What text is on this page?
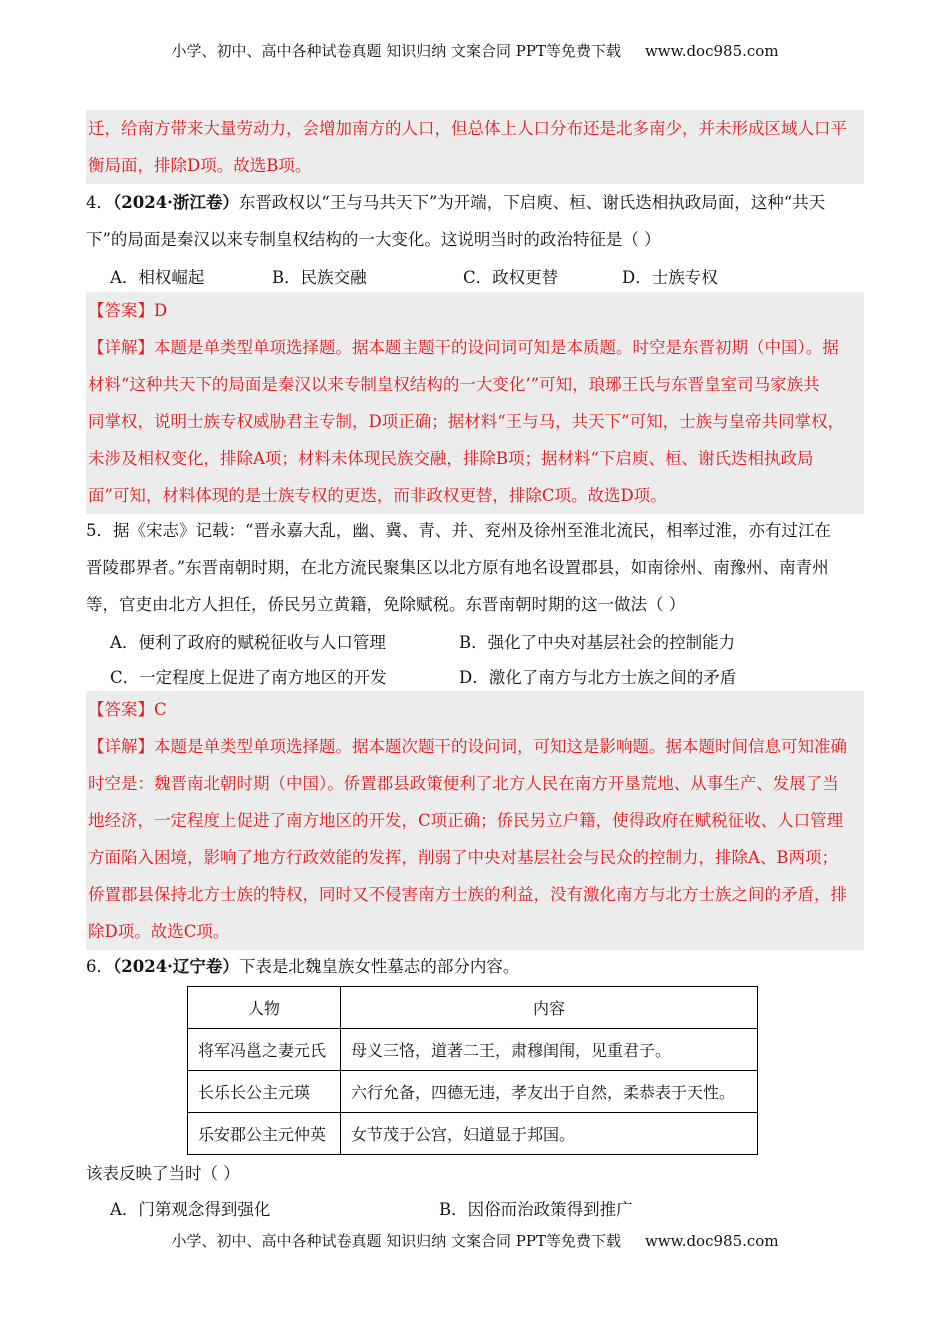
小学、初中、高中各种试卷真题 知识归纳 文案合同 PPT等免费下载 www.doc985.com

迁，给南方带来大量劳动力，会增加南方的人口，但总体上人口分布还是北多南少，并未形成区域人口平

衡局面，排除D项。故选B项。

4．（2024·浙江卷）东晋政权以“王与马共天下”为开端，下启庾、桓、谢氏迭相执政局面，这种“共天

下”的局面是秦汉以来专制皇权结构的一大变化。这说明当时的政治特征是（ ）

A．相权崛起	B．民族交融	C．政权更替	D．士族专权

【答案】D

【详解】本题是单类型单项选择题。据本题主题干的设问词可知是本质题。时空是东晋初期（中国）。据

材料“这种共天下的局面是秦汉以来专制皇权结构的一大变化’”可知，琅琊王氏与东晋皇室司马家族共

同掌权，说明士族专权威胁君主专制，D项正确；据材料“王与马，共天下”可知，士族与皇帝共同掌权，

未涉及相权变化，排除A项；材料未体现民族交融，排除B项；据材料“下启庾、桓、谢氏迭相执政局

面”可知，材料体现的是士族专权的更迭，而非政权更替，排除C项。故选D项。

5．据《宋志》记载：“晋永嘉大乱，幽、冀、青、并、兖州及徐州至淮北流民，相率过淮，亦有过江在

晋陵郡界者。”东晋南朝时期，在北方流民聚集区以北方原有地名设置郡县，如南徐州、南豫州、南青州

等，官吏由北方人担任，侨民另立黄籍，免除赋税。东晋南朝时期的这一做法（ ）

A．便利了政府的赋税征收与人口管理	B．强化了中央对基层社会的控制能力
C．一定程度上促进了南方地区的开发	D．激化了南方与北方士族之间的矛盾

【答案】C

【详解】本题是单类型单项选择题。据本题次题干的设问词，可知这是影响题。据本题时间信息可知准确

时空是：魏晋南北朝时期（中国）。侨置郡县政策便利了北方人民在南方开垦荒地、从事生产、发展了当

地经济，一定程度上促进了南方地区的开发，C项正确；侨民另立户籍，使得政府在赋税征收、人口管理

方面陷入困境，影响了地方行政效能的发挥，削弱了中央对基层社会与民众的控制力，排除A、B两项；

侨置郡县保持北方士族的特权，同时又不侵害南方士族的利益，没有激化南方与北方士族之间的矛盾，排

除D项。故选C项。

6．（2024·辽宁卷）下表是北魏皇族女性墓志的部分内容。

人物	内容
将军冯邕之妻元氏	母义三恪，道著二王，肃穆闺闱，见重君子。
长乐长公主元瑛	六行允备，四德无违，孝友出于自然，柔恭表于天性。
乐安郡公主元仲英	女节茂于公宫，妇道显于邦国。
该表反映了当时（ ）
A．门第观念得到强化	B．因俗而治政策得到推广
小学、初中、高中各种试卷真题 知识归纳 文案合同 PPT等免费下载 www.doc985.com
